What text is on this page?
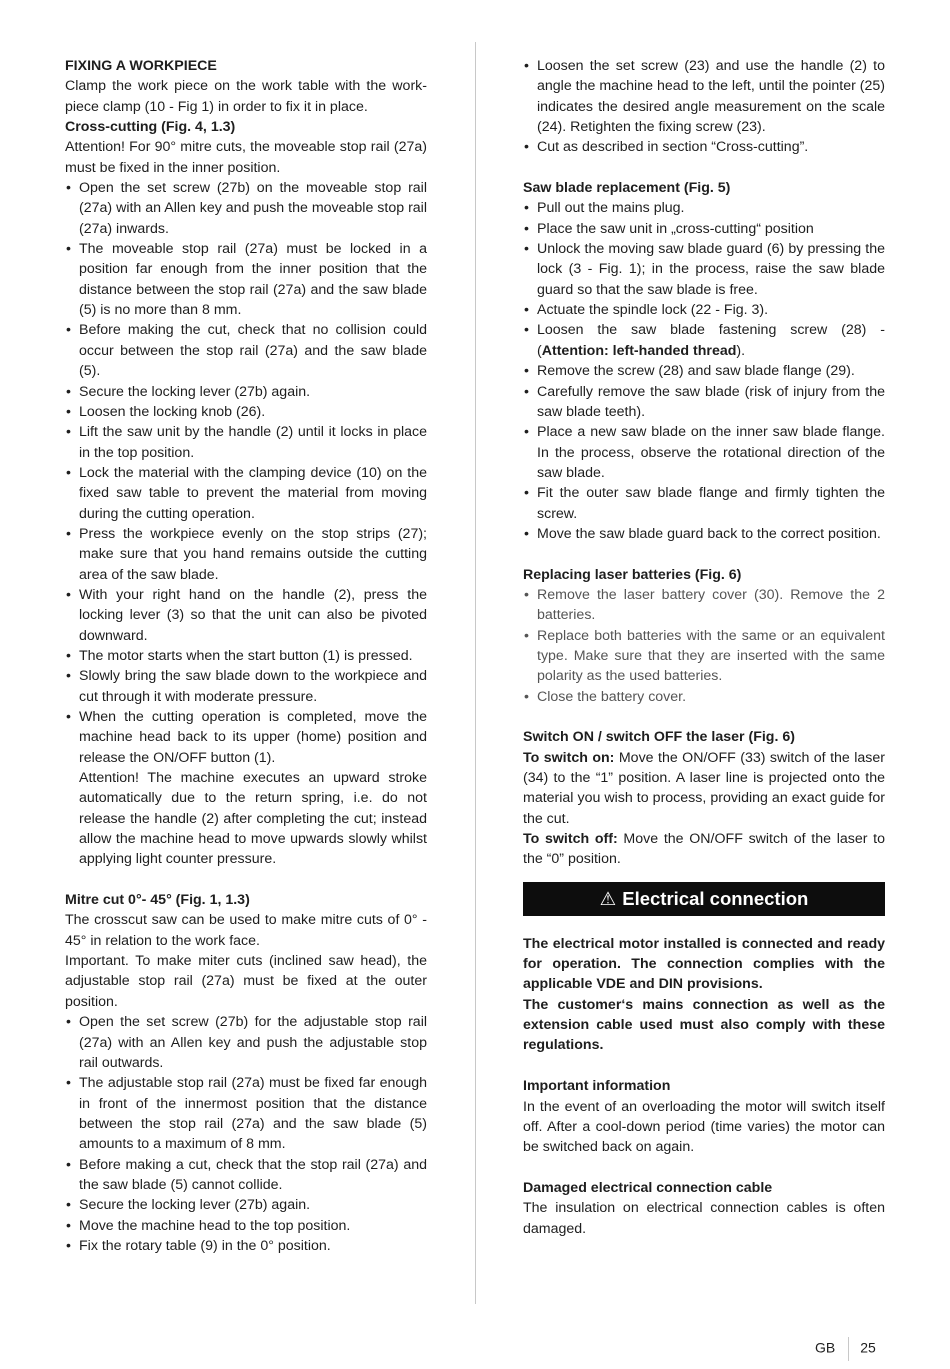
FIXING A WORKPIECE

Clamp the work piece on the work table with the work-piece clamp (10 - Fig 1) in order to fix it in place.

Cross-cutting (Fig. 4, 1.3)

Attention! For 90° mitre cuts, the moveable stop rail (27a) must be fixed in the inner position.

• Open the set screw (27b) on the moveable stop rail (27a) with an Allen key and push the moveable stop rail (27a) inwards.
• The moveable stop rail (27a) must be locked in a position far enough from the inner position that the distance between the stop rail (27a) and the saw blade (5) is no more than 8 mm.
• Before making the cut, check that no collision could occur between the stop rail (27a) and the saw blade (5).
• Secure the locking lever (27b) again.
• Loosen the locking knob (26).
• Lift the saw unit by the handle (2) until it locks in place in the top position.
• Lock the material with the clamping device (10) on the fixed saw table to prevent the material from moving during the cutting operation.
• Press the workpiece evenly on the stop strips (27); make sure that you hand remains outside the cutting area of the saw blade.
• With your right hand on the handle (2), press the locking lever (3) so that the unit can also be pivoted downward.
• The motor starts when the start button (1) is pressed.
• Slowly bring the saw blade down to the workpiece and cut through it with moderate pressure.
• When the cutting operation is completed, move the machine head back to its upper (home) position and release the ON/OFF button (1).

Attention! The machine executes an upward stroke automatically due to the return spring, i.e. do not release the handle (2) after completing the cut; instead allow the machine head to move upwards slowly whilst applying light counter pressure.

Mitre cut 0°- 45° (Fig. 1, 1.3)

The crosscut saw can be used to make mitre cuts of 0° - 45° in relation to the work face.

Important. To make miter cuts (inclined saw head), the adjustable stop rail (27a) must be fixed at the outer position.

• Open the set screw (27b) for the adjustable stop rail (27a) with an Allen key and push the adjustable stop rail outwards.
• The adjustable stop rail (27a) must be fixed far enough in front of the innermost position that the distance between the stop rail (27a) and the saw blade (5) amounts to a maximum of 8 mm.
• Before making a cut, check that the stop rail (27a) and the saw blade (5) cannot collide.
• Secure the locking lever (27b) again.
• Move the machine head to the top position.
• Fix the rotary table (9) in the 0° position.
• Loosen the set screw (23) and use the handle (2) to angle the machine head to the left, until the pointer (25) indicates the desired angle measurement on the scale (24). Retighten the fixing screw (23).
• Cut as described in section “Cross-cutting”.

Saw blade replacement (Fig. 5)

• Pull out the mains plug.
• Place the saw unit in „cross-cutting“ position
• Unlock the moving saw blade guard (6) by pressing the lock (3 - Fig. 1); in the process, raise the saw blade guard so that the saw blade is free.
• Actuate the spindle lock (22 - Fig. 3).
• Loosen the saw blade fastening screw (28) - (Attention: left-handed thread).
• Remove the screw (28) and saw blade flange (29).
• Carefully remove the saw blade (risk of injury from the saw blade teeth).
• Place a new saw blade on the inner saw blade flange. In the process, observe the rotational direction of the saw blade.
• Fit the outer saw blade flange and firmly tighten the screw.
• Move the saw blade guard back to the correct position.

Replacing laser batteries (Fig. 6)

• Remove the laser battery cover (30). Remove the 2 batteries.
• Replace both batteries with the same or an equivalent type. Make sure that they are inserted with the same polarity as the used batteries.
• Close the battery cover.

Switch ON / switch OFF the laser (Fig. 6)

To switch on: Move the ON/OFF (33) switch of the laser (34) to the “1” position. A laser line is projected onto the material you wish to process, providing an exact guide for the cut.

To switch off: Move the ON/OFF switch of the laser to the “0” position.

⚠ Electrical connection

The electrical motor installed is connected and ready for operation. The connection complies with the applicable VDE and DIN provisions.

The customer‘s mains connection as well as the extension cable used must also comply with these regulations.

Important information

In the event of an overloading the motor will switch itself off. After a cool-down period (time varies) the motor can be switched back on again.

Damaged electrical connection cable

The insulation on electrical connection cables is often damaged.

GB 25
